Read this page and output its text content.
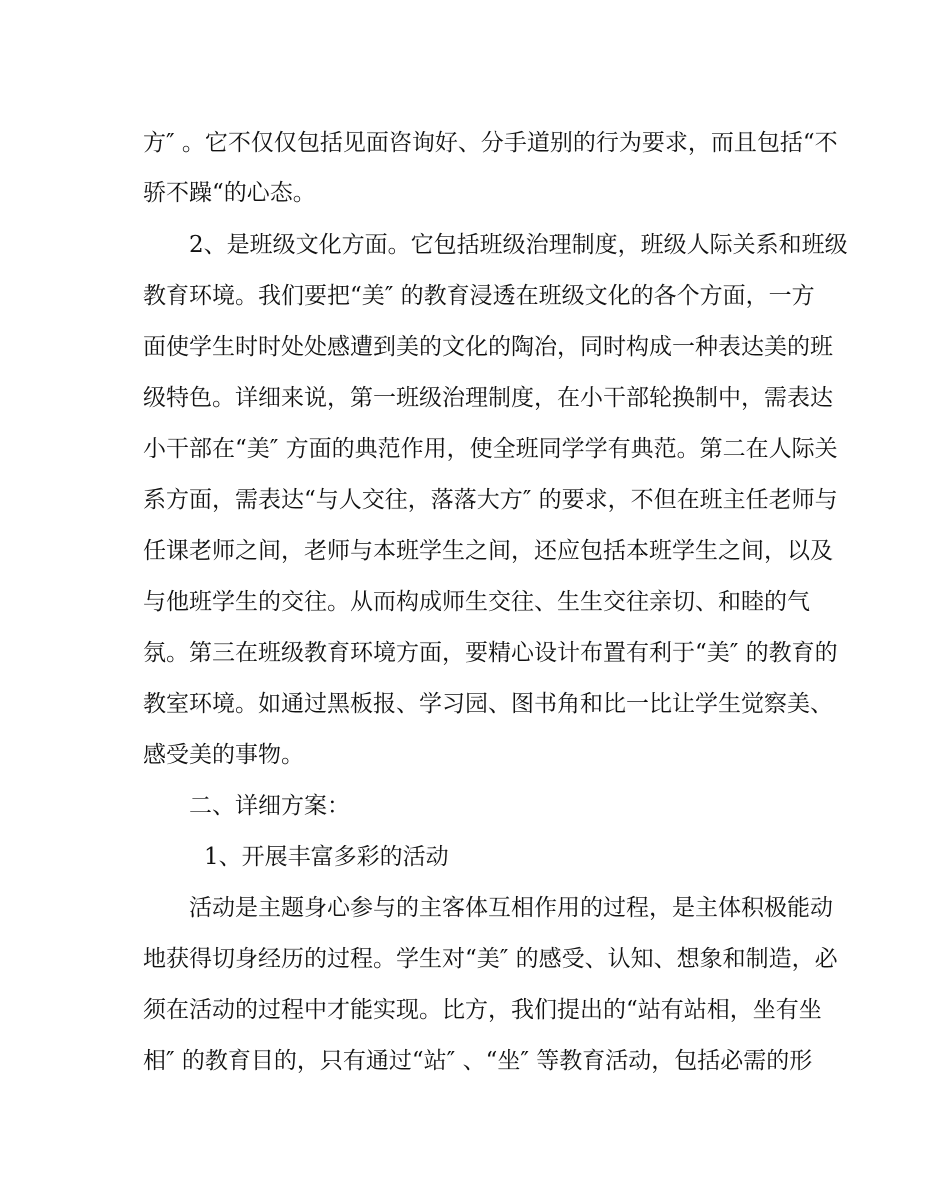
方″ 。它不仅仅包括见面咨询好、分手道别的行为要求，而且包括“不
骄不躁“的心态。
2、是班级文化方面。它包括班级治理制度，班级人际关系和班级
教育环境。我们要把“美″ 的教育浸透在班级文化的各个方面，一方
面使学生时时处处感遭到美的文化的陶冶，同时构成一种表达美的班
级特色。详细来说，第一班级治理制度，在小干部轮换制中，需表达
小干部在“美″ 方面的典范作用，使全班同学学有典范。第二在人际关
系方面，需表达“与人交往，落落大方″ 的要求，不但在班主任老师与
任课老师之间，老师与本班学生之间，还应包括本班学生之间，以及
与他班学生的交往。从而构成师生交往、生生交往亲切、和睦的气
氛。第三在班级教育环境方面，要精心设计布置有利于“美″ 的教育的
教室环境。如通过黑板报、学习园、图书角和比一比让学生觉察美、
感受美的事物。
二、详细方案：
1、开展丰富多彩的活动
活动是主题身心参与的主客体互相作用的过程，是主体积极能动
地获得切身经历的过程。学生对“美″ 的感受、认知、想象和制造，必
须在活动的过程中才能实现。比方，我们提出的“站有站相，坐有坐
相″ 的教育目的，只有通过“站″ 、“坐″ 等教育活动，包括必需的形
